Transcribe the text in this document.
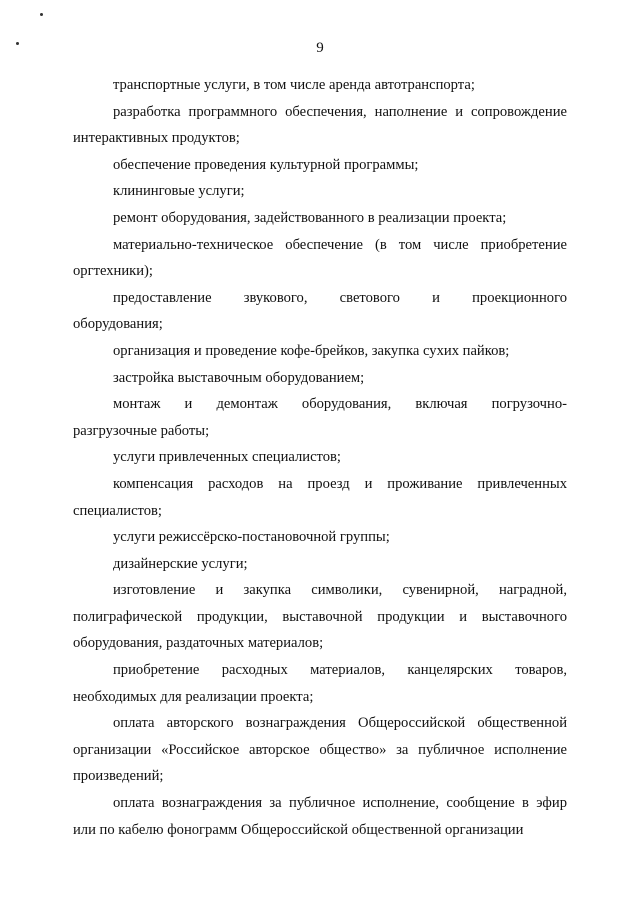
9
транспортные услуги, в том числе аренда автотранспорта;
разработка программного обеспечения, наполнение и сопровождение
интерактивных продуктов;
обеспечение проведения культурной программы;
клининговые услуги;
ремонт оборудования, задействованного в реализации проекта;
материально-техническое обеспечение (в том числе приобретение
оргтехники);
предоставление звукового, светового и проекционного
оборудования;
организация и проведение кофе-брейков, закупка сухих пайков;
застройка выставочным оборудованием;
монтаж и демонтаж оборудования, включая погрузочно-
разгрузочные работы;
услуги привлеченных специалистов;
компенсация расходов на проезд и проживание привлеченных
специалистов;
услуги режиссёрско-постановочной группы;
дизайнерские услуги;
изготовление и закупка символики, сувенирной, наградной,
полиграфической продукции, выставочной продукции и выставочного
оборудования, раздаточных материалов;
приобретение расходных материалов, канцелярских товаров,
необходимых для реализации проекта;
оплата авторского вознаграждения Общероссийской общественной
организации «Российское авторское общество» за публичное исполнение
произведений;
оплата вознаграждения за публичное исполнение, сообщение в эфир
или по кабелю фонограмм Общероссийской общественной организации
